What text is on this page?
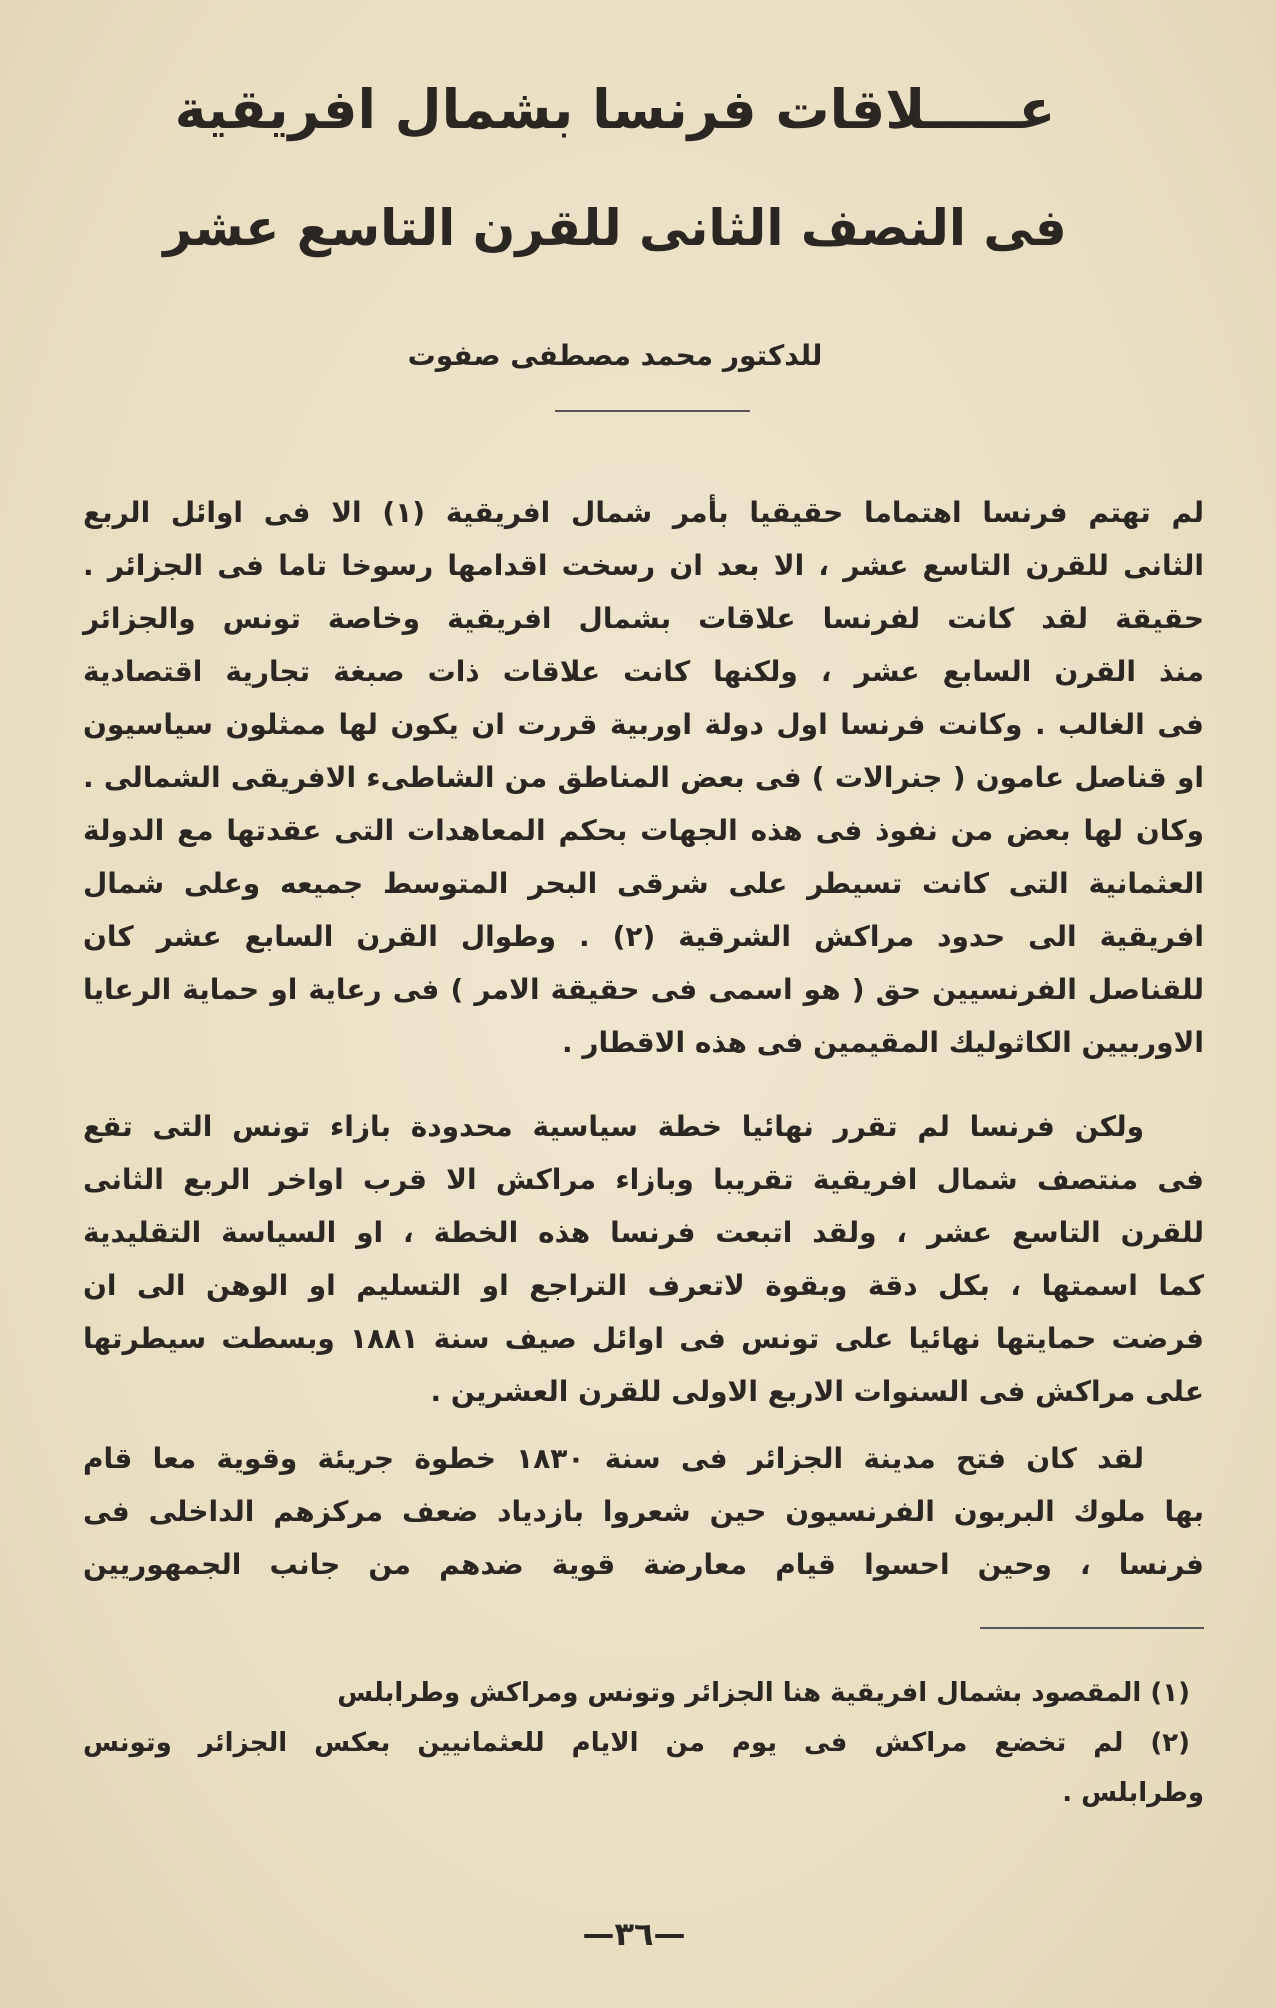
عـــــلاقات فرنسا بشمال افريقية
فى النصف الثانى للقرن التاسع عشر
للدكتور محمد مصطفى صفوت
لم تهتم فرنسا اهتماما حقيقيا بأمر شمال افريقية (١) الا فى اوائل الربع
الثانى للقرن التاسع عشر ، الا بعد ان رسخت اقدامها رسوخا تاما فى الجزائر .
حقيقة لقد كانت لفرنسا علاقات بشمال افريقية وخاصة تونس والجزائر
منذ القرن السابع عشر ، ولكنها كانت علاقات ذات صبغة تجارية اقتصادية
فى الغالب . وكانت فرنسا اول دولة اوربية قررت ان يكون لها ممثلون سياسيون
او قناصل عامون ( جنرالات ) فى بعض المناطق من الشاطىء الافريقى الشمالى .
وكان لها بعض من نفوذ فى هذه الجهات بحكم المعاهدات التى عقدتها مع الدولة
العثمانية التى كانت تسيطر على شرقى البحر المتوسط جميعه وعلى شمال
افريقية الى حدود مراكش الشرقية (٢) . وطوال القرن السابع عشر كان
للقناصل الفرنسيين حق ( هو اسمى فى حقيقة الامر ) فى رعاية او حماية الرعايا
الاوربيين الكاثوليك المقيمين فى هذه الاقطار .
ولكن فرنسا لم تقرر نهائيا خطة سياسية محدودة بازاء تونس التى تقع
فى منتصف شمال افريقية تقريبا وبازاء مراكش الا قرب اواخر الربع الثانى
للقرن التاسع عشر ، ولقد اتبعت فرنسا هذه الخطة ، او السياسة التقليدية
كما اسمتها ، بكل دقة وبقوة لاتعرف التراجع او التسليم او الوهن الى ان
فرضت حمايتها نهائيا على تونس فى اوائل صيف سنة ١٨٨١ وبسطت سيطرتها
على مراكش فى السنوات الاربع الاولى للقرن العشرين .
لقد كان فتح مدينة الجزائر فى سنة ١٨٣٠ خطوة جريئة وقوية معا قام
بها ملوك البربون الفرنسيون حين شعروا بازدياد ضعف مركزهم الداخلى فى
فرنسا ، وحين احسوا قيام معارضة قوية ضدهم من جانب الجمهوريين
(١) المقصود بشمال افريقية هنا الجزائر وتونس ومراكش وطرابلس
(٢) لم تخضع مراكش فى يوم من الايام للعثمانيين بعكس الجزائر وتونس
وطرابلس .
—٣٦—
